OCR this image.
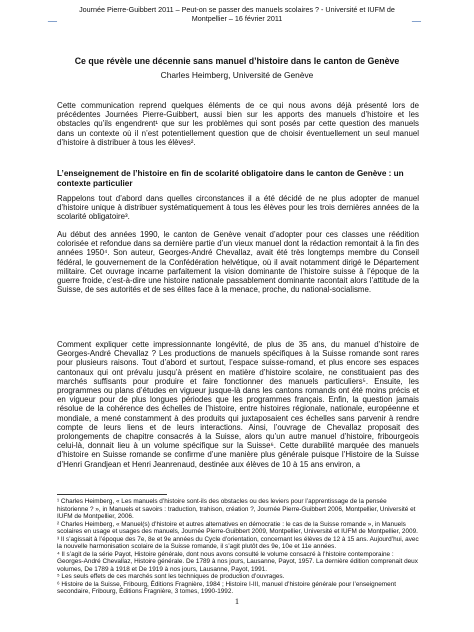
__	__
Journée Pierre-Guibbert 2011 – Peut-on se passer des manuels scolaires ? - Université et IUFM de
Montpellier – 16 février 2011
Ce que révèle une décennie sans manuel d’histoire dans le canton de Genève
Charles Heimberg, Université de Genève
Cette communication reprend quelques éléments de ce qui nous avons déjà présenté lors de précédentes Journées Pierre-Guibbert, aussi bien sur les apports des manuels d’histoire et les obstacles qu’ils engendrent¹ que sur les problèmes qui sont posés par cette question des manuels dans un contexte où il n’est potentiellement question que de choisir éventuellement un seul manuel d’histoire à distribuer à tous les élèves².
L’enseignement de l’histoire en fin de scolarité obligatoire dans le canton de Genève : un contexte particulier
Rappelons tout d’abord dans quelles circonstances il a été décidé de ne plus adopter de manuel d’histoire unique à distribuer systématiquement à tous les élèves pour les trois dernières années de la scolarité obligatoire³.
Au début des années 1990, le canton de Genève venait d’adopter pour ces classes une réédition colorisée et refondue dans sa dernière partie d’un vieux manuel dont la rédaction remontait à la fin des années 1950⁴. Son auteur, Georges-André Chevallaz, avait été très longtemps membre du Conseil fédéral, le gouvernement de la Confédération helvétique, où il avait notamment dirigé le Département militaire. Cet ouvrage incarne parfaitement la vision dominante de l’histoire suisse à l’époque de la guerre froide, c’est-à-dire une histoire nationale passablement dominante racontait alors l’attitude de la Suisse, de ses autorités et de ses élites face à la menace, proche, du national-socialisme.
Comment expliquer cette impressionnante longévité, de plus de 35 ans, du manuel d’histoire de Georges-André Chevallaz ? Les productions de manuels spécifiques à la Suisse romande sont rares pour plusieurs raisons. Tout d’abord et surtout, l’espace suisse-romand, et plus encore ses espaces cantonaux qui ont prévalu jusqu’à présent en matière d’histoire scolaire, ne constituaient pas des marchés suffisants pour produire et faire fonctionner des manuels particuliers⁵. Ensuite, les programmes ou plans d’études en vigueur jusque-là dans les cantons romands ont été moins précis et en vigueur pour de plus longues périodes que les programmes français. Enfin, la question jamais résolue de la cohérence des échelles de l’histoire, entre histoires régionale, nationale, européenne et mondiale, a mené constamment à des produits qui juxtaposaient ces échelles sans parvenir à rendre compte de leurs liens et de leurs interactions. Ainsi, l’ouvrage de Chevallaz proposait des prolongements de chapitre consacrés à la Suisse, alors qu’un autre manuel d’histoire, fribourgeois celui-là, donnait lieu à un volume spécifique sur la Suisse⁶. Cette durabilité marquée des manuels d’histoire en Suisse romande se confirme d’une manière plus générale puisque l’Histoire de la Suisse d’Henri Grandjean et Henri Jeanrenaud, destinée aux élèves de 10 à 15 ans environ, a
¹ Charles Heimberg, « Les manuels d’histoire sont-ils des obstacles ou des leviers pour l’apprentissage de la pensée historienne ? », in Manuels et savoirs : traduction, trahison, création ?, Journée Pierre-Guibbert 2006, Montpellier, Université et IUFM de Montpellier, 2006.
² Charles Heimberg, « Manuel(s) d’histoire et autres alternatives en démocratie : le cas de la Suisse romande », in Manuels scolaires en usage et usages des manuels, Journée Pierre-Guibbert 2009, Montpellier, Université et IUFM de Montpellier, 2009.
³ Il s’agissait à l’époque des 7e, 8e et 9e années du Cycle d’orientation, concernant les élèves de 12 à 15 ans. Aujourd’hui, avec la nouvelle harmonisation scolaire de la Suisse romande, il s’agit plutôt des 9e, 10e et 11e années.
⁴ Il s’agit de la série Payot, Histoire générale, dont nous avons consulté le volume consacré à l’histoire contemporaine : Georges-André Chevallaz, Histoire générale. De 1789 à nos jours, Lausanne, Payot, 1957. La dernière édition comprenait deux volumes, De 1789 à 1918 et De 1919 à nos jours, Lausanne, Payot, 1991.
⁵ Les seuls effets de ces marchés sont les techniques de production d’ouvrages.
⁶ Histoire de la Suisse, Fribourg, Éditions Fragnière, 1984 ; Histoire I-III, manuel d’histoire générale pour l’enseignement secondaire, Fribourg, Éditions Fragnière, 3 tomes, 1990-1992.
1
